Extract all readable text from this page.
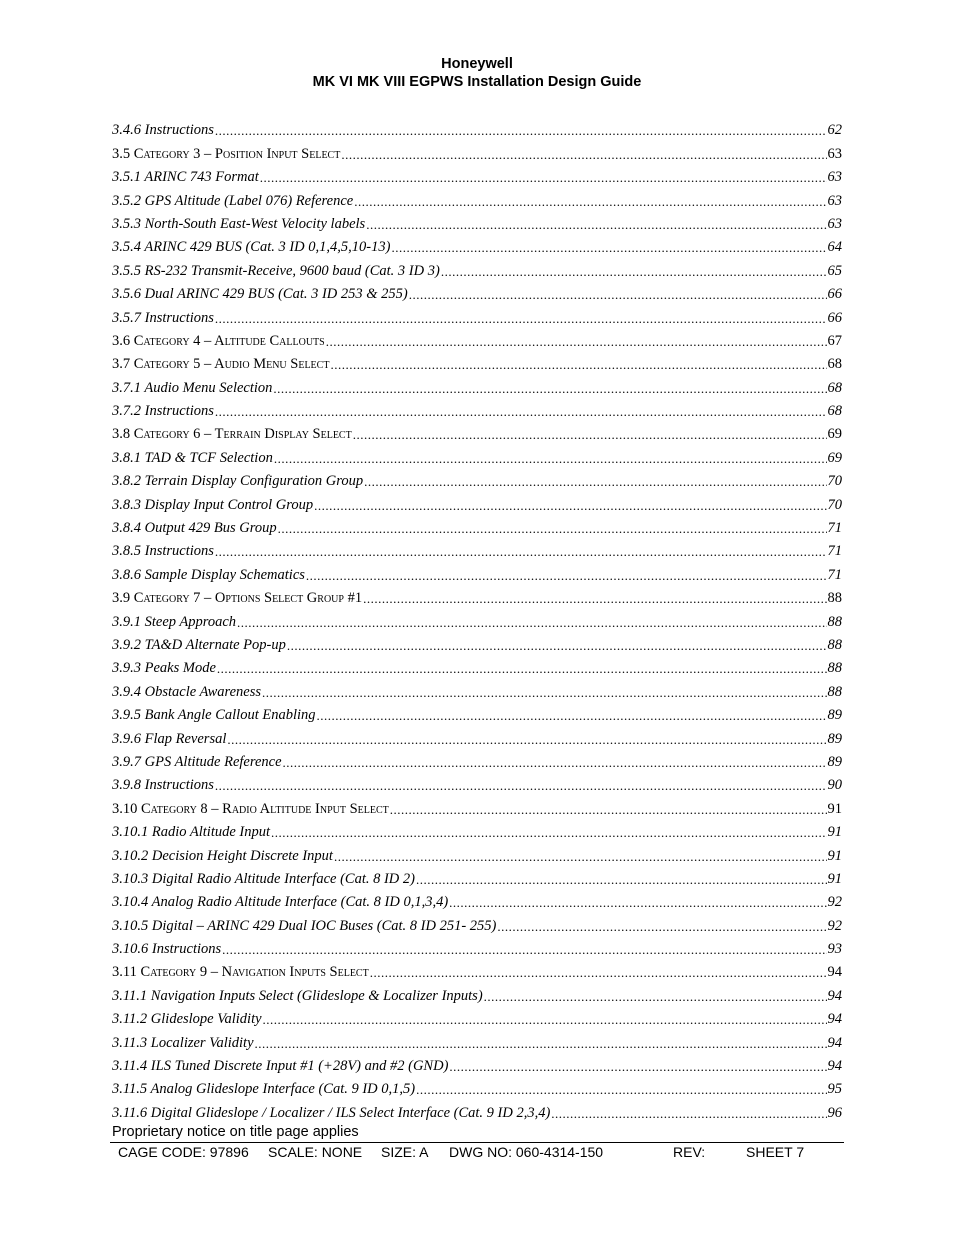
Honeywell
MK VI MK VIII EGPWS Installation Design Guide
3.4.6 Instructions .....	62
3.5 Category 3 – Position Input Select .....	63
3.5.1 ARINC 743 Format .....	63
3.5.2 GPS Altitude (Label 076) Reference .....	63
3.5.3 North-South East-West Velocity labels .....	63
3.5.4 ARINC 429 BUS (Cat. 3 ID 0,1,4,5,10-13) .....	64
3.5.5 RS-232 Transmit-Receive, 9600 baud (Cat. 3 ID 3) .....	65
3.5.6 Dual ARINC 429 BUS (Cat. 3 ID 253 & 255) .....	66
3.5.7 Instructions .....	66
3.6 Category 4 – Altitude Callouts .....	67
3.7 Category 5 – Audio Menu Select .....	68
3.7.1 Audio Menu Selection .....	68
3.7.2 Instructions .....	68
3.8 Category 6 – Terrain Display Select .....	69
3.8.1 TAD & TCF Selection .....	69
3.8.2 Terrain Display Configuration Group .....	70
3.8.3 Display Input Control Group .....	70
3.8.4 Output 429 Bus Group .....	71
3.8.5 Instructions .....	71
3.8.6 Sample Display Schematics .....	71
3.9 Category 7 – Options Select Group #1 .....	88
3.9.1 Steep Approach .....	88
3.9.2 TA&D Alternate Pop-up .....	88
3.9.3 Peaks Mode .....	88
3.9.4 Obstacle Awareness .....	88
3.9.5 Bank Angle Callout Enabling .....	89
3.9.6 Flap Reversal .....	89
3.9.7 GPS Altitude Reference .....	89
3.9.8 Instructions .....	90
3.10 Category 8 – Radio Altitude Input Select .....	91
3.10.1 Radio Altitude Input .....	91
3.10.2 Decision Height Discrete Input .....	91
3.10.3 Digital Radio Altitude Interface (Cat. 8 ID 2) .....	91
3.10.4 Analog Radio Altitude Interface (Cat. 8 ID 0,1,3,4) .....	92
3.10.5 Digital – ARINC 429 Dual IOC Buses (Cat. 8 ID 251- 255) .....	92
3.10.6 Instructions .....	93
3.11 Category 9 – Navigation Inputs Select .....	94
3.11.1 Navigation Inputs Select (Glideslope & Localizer Inputs) .....	94
3.11.2 Glideslope Validity .....	94
3.11.3 Localizer Validity .....	94
3.11.4 ILS Tuned Discrete Input #1 (+28V) and #2 (GND) .....	94
3.11.5 Analog Glideslope Interface (Cat. 9 ID 0,1,5) .....	95
3.11.6 Digital Glideslope / Localizer / ILS Select Interface (Cat. 9 ID 2,3,4) .....	96
Proprietary notice on title page applies
CAGE CODE: 97896 SCALE: NONE SIZE: A DWG NO: 060-4314-150	REV:	SHEET 7
